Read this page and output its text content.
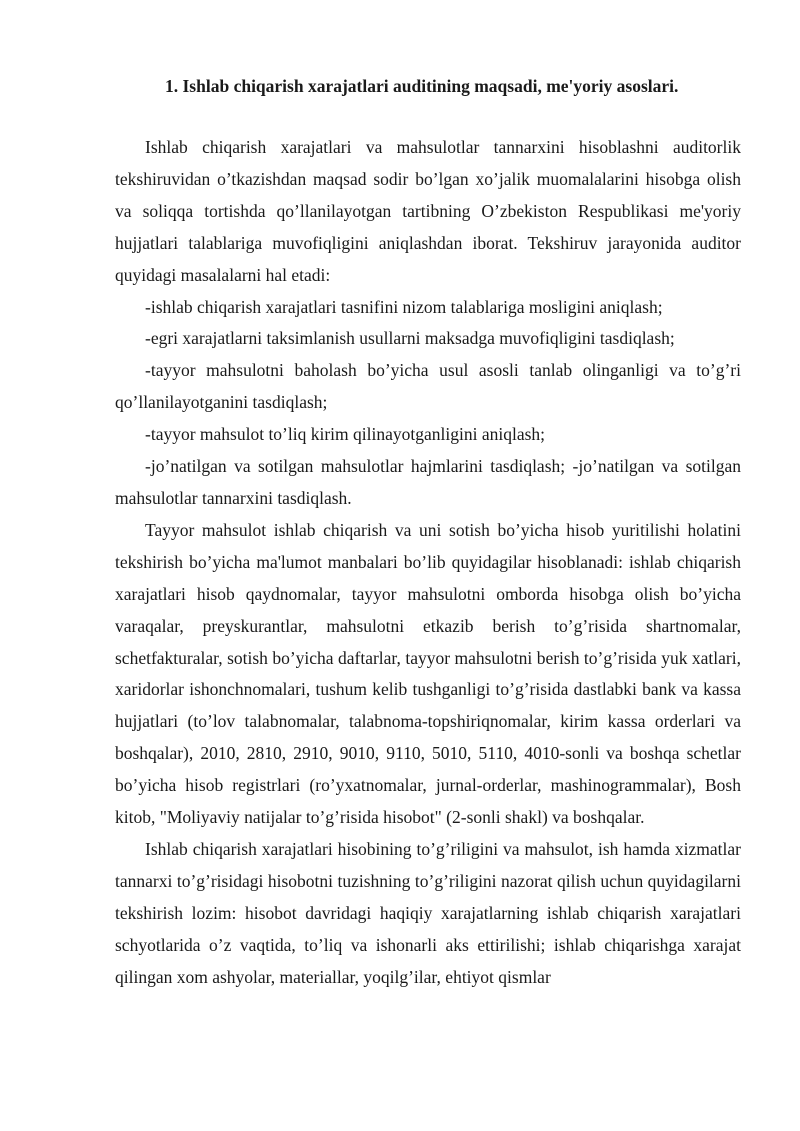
1. Ishlab chiqarish xarajatlari auditining maqsadi, me'yoriy asoslari.

Ishlab chiqarish xarajatlari va mahsulotlar tannarxini hisoblashni auditorlik tekshiruvidan o’tkazishdan maqsad sodir bo’lgan xo’jalik muomalalarini hisobga olish va soliqqa tortishda qo’llanilayotgan tartibning O’zbekiston Respublikasi me'yoriy hujjatlari talablariga muvofiqligini aniqlashdan iborat. Tekshiruv jarayonida auditor quyidagi masalalarni hal etadi:

-ishlab chiqarish xarajatlari tasnifini nizom talablariga mosligini aniqlash;

-egri xarajatlarni taksimlanish usullarni maksadga muvofiqligini tasdiqlash;

-tayyor mahsulotni baholash bo’yicha usul asosli tanlab olinganligi va to’g’ri qo’llanilayotganini tasdiqlash;

-tayyor mahsulot to’liq kirim qilinayotganligini aniqlash;

-jo’natilgan va sotilgan mahsulotlar hajmlarini tasdiqlash; -jo’natilgan va sotilgan mahsulotlar tannarxini tasdiqlash.

Tayyor mahsulot ishlab chiqarish va uni sotish bo’yicha hisob yuritilishi holatini tekshirish bo’yicha ma'lumot manbalari bo’lib quyidagilar hisoblanadi: ishlab chiqarish xarajatlari hisob qaydnomalar, tayyor mahsulotni omborda hisobga olish bo’yicha varaqalar, preyskurantlar, mahsulotni etkazib berish to’g’risida shartnomalar, schetfakturalar, sotish bo’yicha daftarlar, tayyor mahsulotni berish to’g’risida yuk xatlari, xaridorlar ishonchnomalari, tushum kelib tushganligi to’g’risida dastlabki bank va kassa hujjatlari (to’lov talabnomalar, talabnoma-topshiriqnomalar, kirim kassa orderlari va boshqalar), 2010, 2810, 2910, 9010, 9110, 5010, 5110, 4010-sonli va boshqa schetlar bo’yicha hisob registrlari (ro’yxatnomalar, jurnal-orderlar, mashinogrammalar), Bosh kitob, "Moliyaviy natijalar to’g’risida hisobot" (2-sonli shakl) va boshqalar.

Ishlab chiqarish xarajatlari hisobining to’g’riligini va mahsulot, ish hamda xizmatlar tannarxi to’g’risidagi hisobotni tuzishning to’g’riligini nazorat qilish uchun quyidagilarni tekshirish lozim: hisobot davridagi haqiqiy xarajatlarning ishlab chiqarish xarajatlari schyotlarida o’z vaqtida, to’liq va ishonarli aks ettirilishi; ishlab chiqarishga xarajat qilingan xom ashyolar, materiallar, yoqilg’ilar, ehtiyot qismlar
